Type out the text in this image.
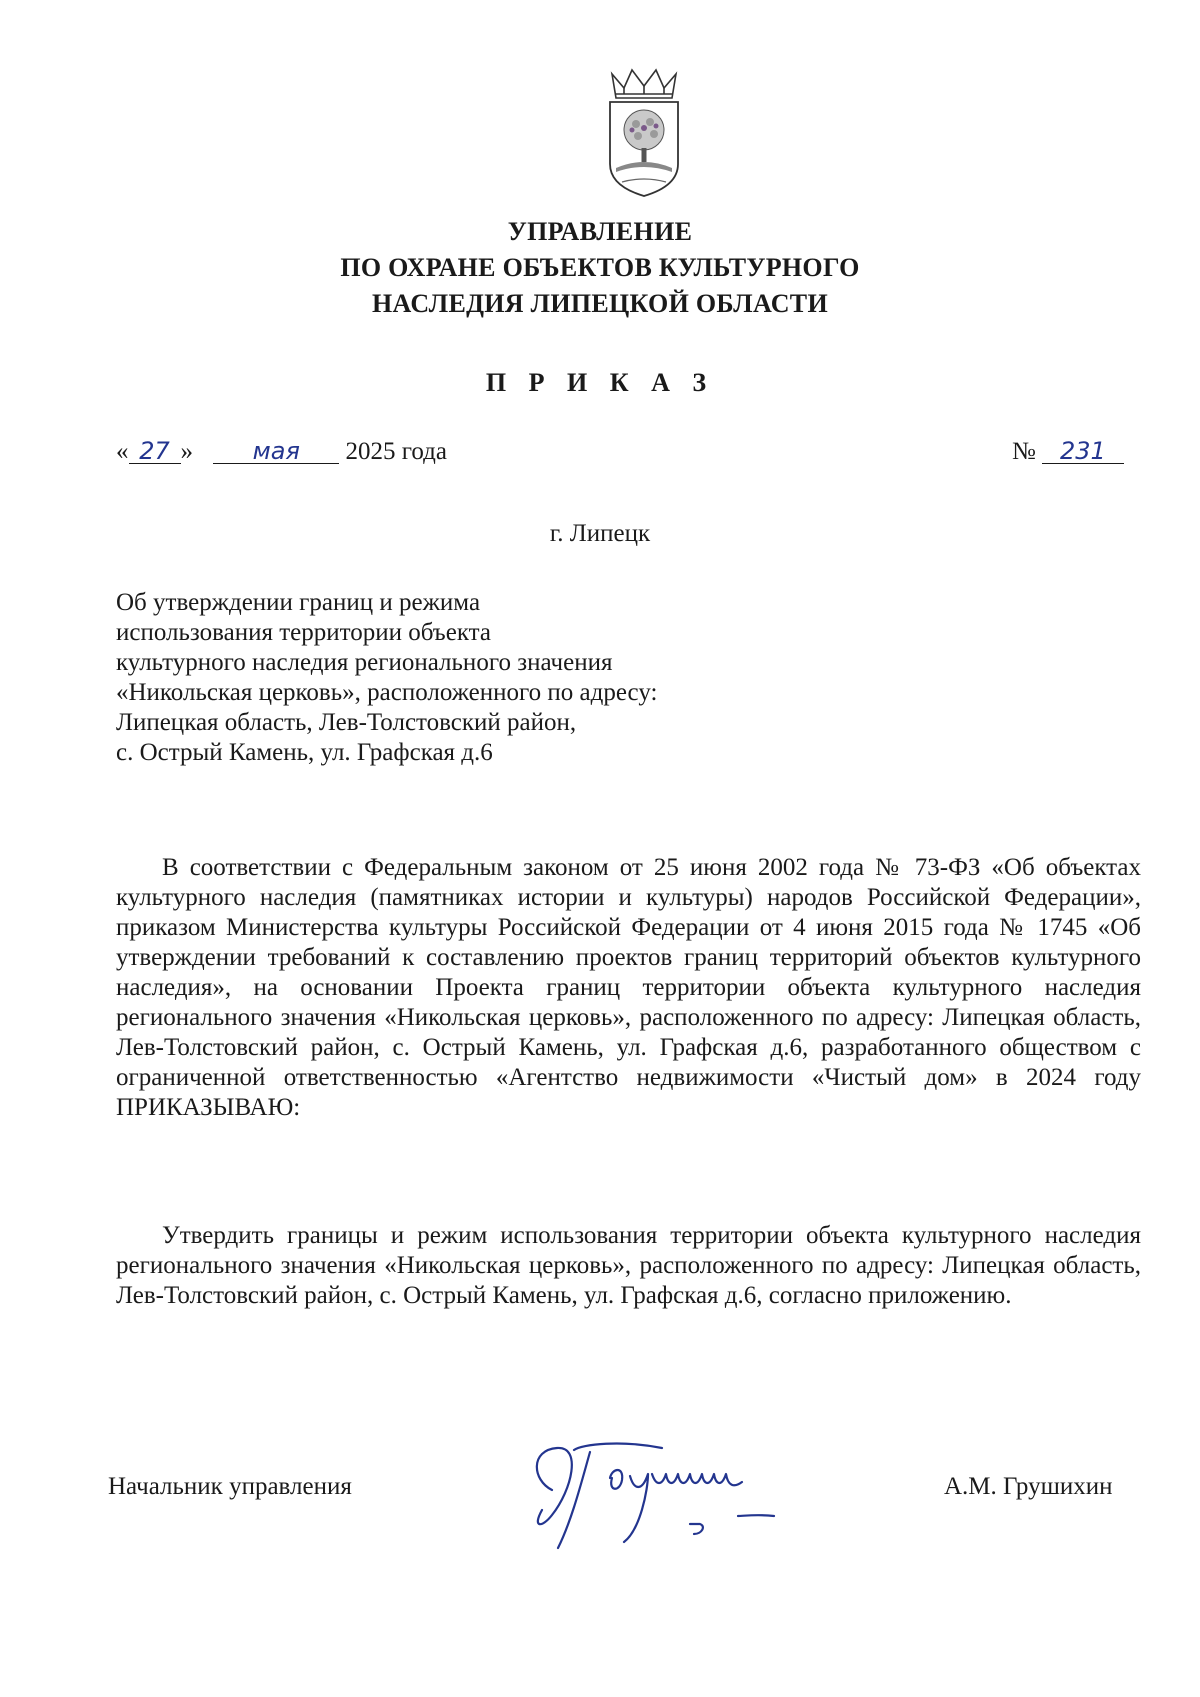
УПРАВЛЕНИЕ
ПО ОХРАНЕ ОБЪЕКТОВ КУЛЬТУРНОГО
НАСЛЕДИЯ ЛИПЕЦКОЙ ОБЛАСТИ
П Р И К А З
« 27 » мая 2025 года	№ 231
г. Липецк
Об утверждении границ и режима
использования территории объекта
культурного наследия регионального значения
«Никольская церковь», расположенного по адресу:
Липецкая область, Лев-Толстовский район,
с. Острый Камень, ул. Графская д.6

В соответствии с Федеральным законом от 25 июня 2002 года № 73-ФЗ «Об объектах культурного наследия (памятниках истории и культуры) народов Российской Федерации», приказом Министерства культуры Российской Федерации от 4 июня 2015 года № 1745 «Об утверждении требований к составлению проектов границ территорий объектов культурного наследия», на основании Проекта границ территории объекта культурного наследия регионального значения «Никольская церковь», расположенного по адресу: Липецкая область, Лев-Толстовский район, с. Острый Камень, ул. Графская д.6, разработанного обществом с ограниченной ответственностью «Агентство недвижимости «Чистый дом» в 2024 году ПРИКАЗЫВАЮ:

Утвердить границы и режим использования территории объекта культурного наследия регионального значения «Никольская церковь», расположенного по адресу: Липецкая область, Лев-Толстовский район, с. Острый Камень, ул. Графская д.6, согласно приложению.

Начальник управления	А.М. Грушихин
